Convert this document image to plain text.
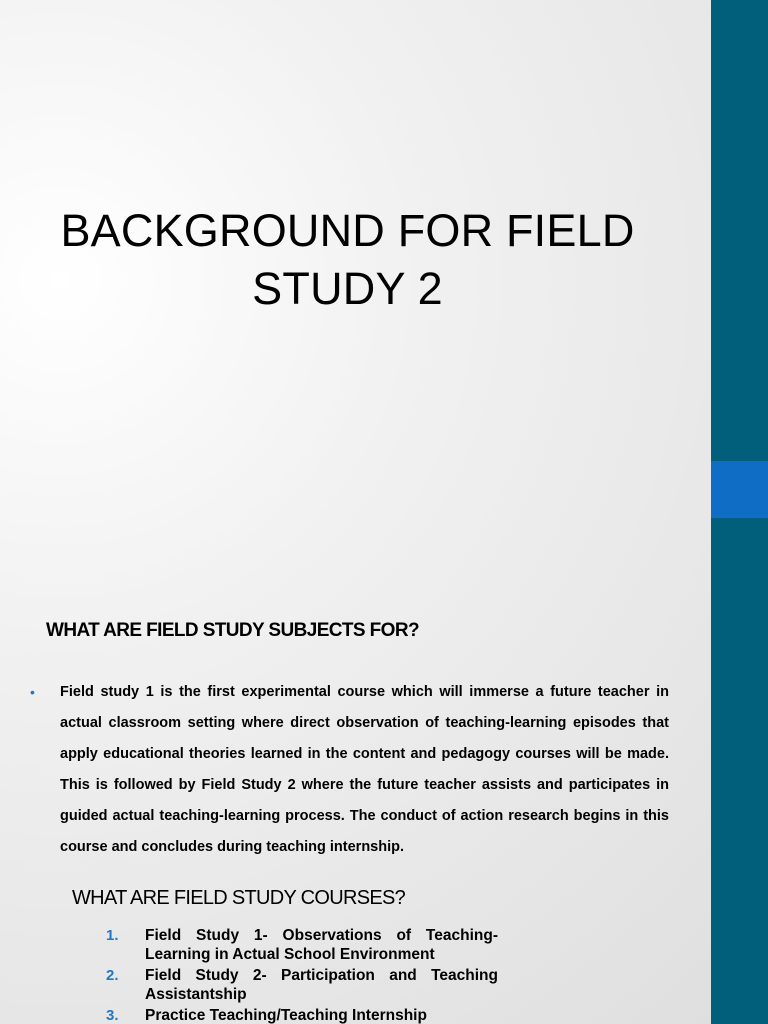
BACKGROUND FOR FIELD STUDY 2
WHAT ARE FIELD STUDY SUBJECTS FOR?
• Field study 1 is the first experimental course which will immerse a future teacher in actual classroom setting where direct observation of teaching-learning episodes that apply educational theories learned in the content and pedagogy courses will be made. This is followed by Field Study 2 where the future teacher assists and participates in guided actual teaching-learning process. The conduct of action research begins in this course and concludes during teaching internship.

WHAT ARE FIELD STUDY COURSES?
1. Field Study 1- Observations of Teaching-Learning in Actual School Environment
2. Field Study 2- Participation and Teaching Assistantship
3. Practice Teaching/Teaching Internship
